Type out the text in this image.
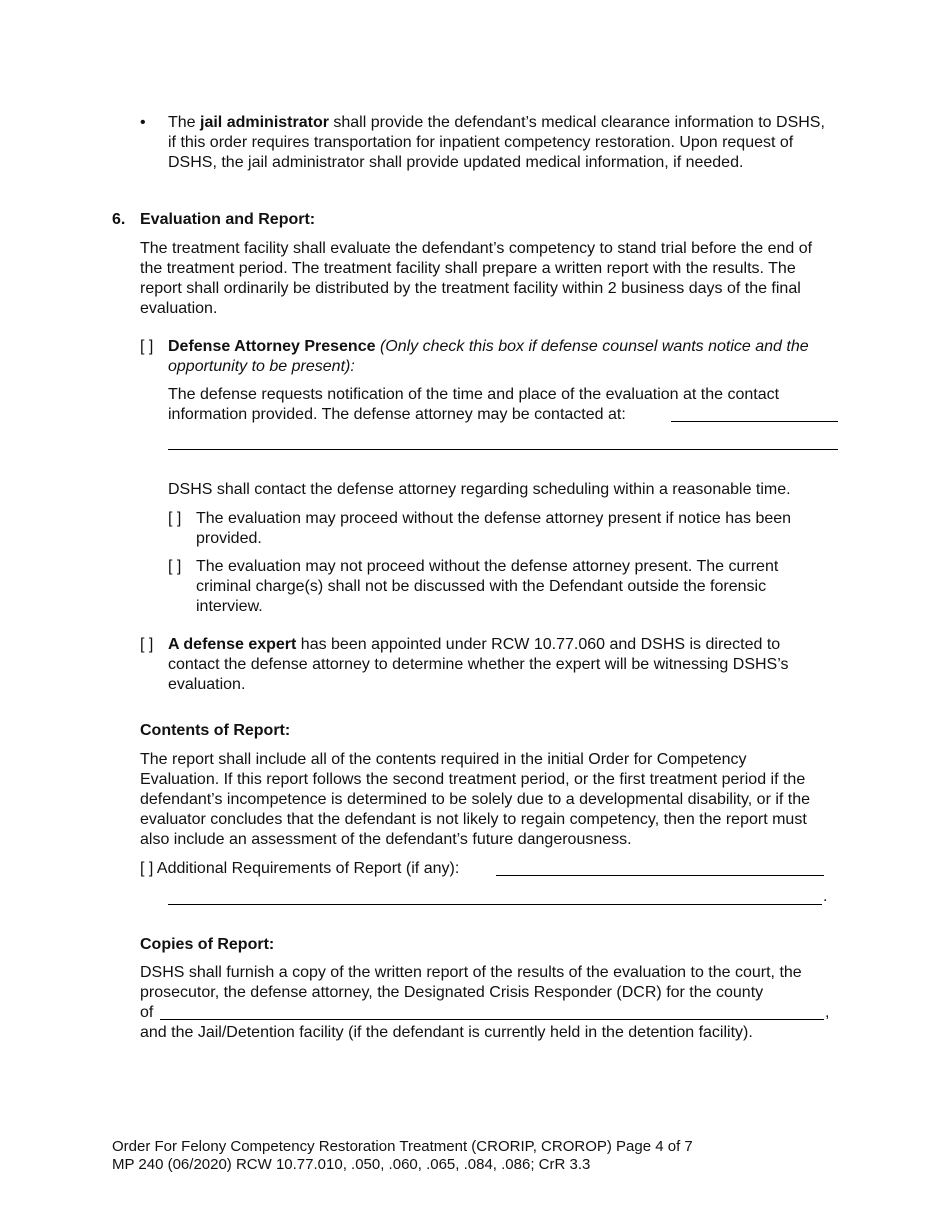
• The jail administrator shall provide the defendant’s medical clearance information to DSHS, if this order requires transportation for inpatient competency restoration. Upon request of DSHS, the jail administrator shall provide updated medical information, if needed.
6. Evaluation and Report:
The treatment facility shall evaluate the defendant’s competency to stand trial before the end of the treatment period. The treatment facility shall prepare a written report with the results. The report shall ordinarily be distributed by the treatment facility within 2 business days of the final evaluation.
[ ] Defense Attorney Presence (Only check this box if defense counsel wants notice and the opportunity to be present):
The defense requests notification of the time and place of the evaluation at the contact information provided. The defense attorney may be contacted at:
DSHS shall contact the defense attorney regarding scheduling within a reasonable time.
[ ] The evaluation may proceed without the defense attorney present if notice has been provided.
[ ] The evaluation may not proceed without the defense attorney present. The current criminal charge(s) shall not be discussed with the Defendant outside the forensic interview.
[ ] A defense expert has been appointed under RCW 10.77.060 and DSHS is directed to contact the defense attorney to determine whether the expert will be witnessing DSHS’s evaluation.
Contents of Report:
The report shall include all of the contents required in the initial Order for Competency Evaluation. If this report follows the second treatment period, or the first treatment period if the defendant’s incompetence is determined to be solely due to a developmental disability, or if the evaluator concludes that the defendant is not likely to regain competency, then the report must also include an assessment of the defendant’s future dangerousness.
[ ] Additional Requirements of Report (if any):
.
Copies of Report:
DSHS shall furnish a copy of the written report of the results of the evaluation to the court, the prosecutor, the defense attorney, the Designated Crisis Responder (DCR) for the county
of	,
and the Jail/Detention facility (if the defendant is currently held in the detention facility).
Order For Felony Competency Restoration Treatment (CRORIP, CROROP) Page 4 of 7
MP 240 (06/2020) RCW 10.77.010, .050, .060, .065, .084, .086; CrR 3.3
